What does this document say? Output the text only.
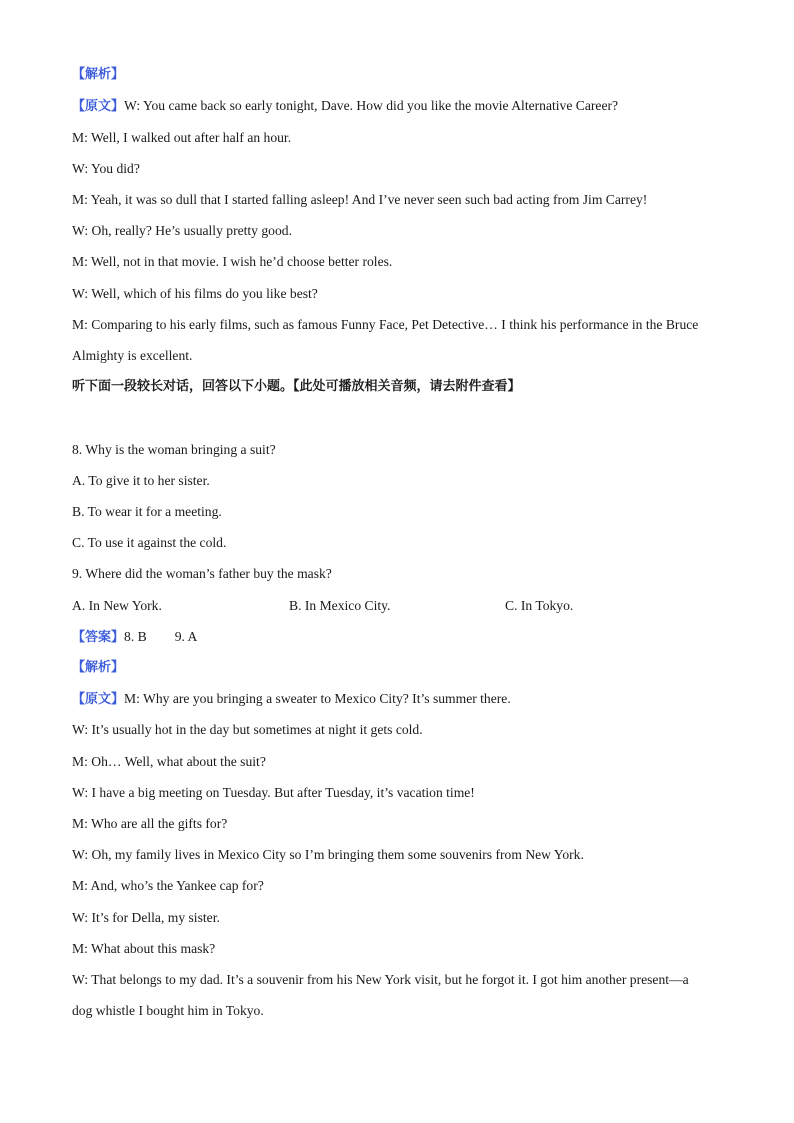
【解析】
【原文】W: You came back so early tonight, Dave. How did you like the movie Alternative Career?
M: Well, I walked out after half an hour.
W: You did?
M: Yeah, it was so dull that I started falling asleep! And I’ve never seen such bad acting from Jim Carrey!
W: Oh, really? He’s usually pretty good.
M: Well, not in that movie. I wish he’d choose better roles.
W: Well, which of his films do you like best?
M: Comparing to his early films, such as famous Funny Face, Pet Detective… I think his performance in the Bruce
Almighty is excellent.
听下面一段较长对话，回答以下小题。【此处可播放相关音频，请去附件查看】
8. Why is the woman bringing a suit?
A. To give it to her sister.
B. To wear it for a meeting.
C. To use it against the cold.
9. Where did the woman’s father buy the mask?
A. In New York.	B. In Mexico City.	C. In Tokyo.
【答案】8. B 9. A
【解析】
【原文】M: Why are you bringing a sweater to Mexico City? It’s summer there.
W: It’s usually hot in the day but sometimes at night it gets cold.
M: Oh… Well, what about the suit?
W: I have a big meeting on Tuesday. But after Tuesday, it’s vacation time!
M: Who are all the gifts for?
W: Oh, my family lives in Mexico City so I’m bringing them some souvenirs from New York.
M: And, who’s the Yankee cap for?
W: It’s for Della, my sister.
M: What about this mask?
W: That belongs to my dad. It’s a souvenir from his New York visit, but he forgot it. I got him another present—a
dog whistle I bought him in Tokyo.
